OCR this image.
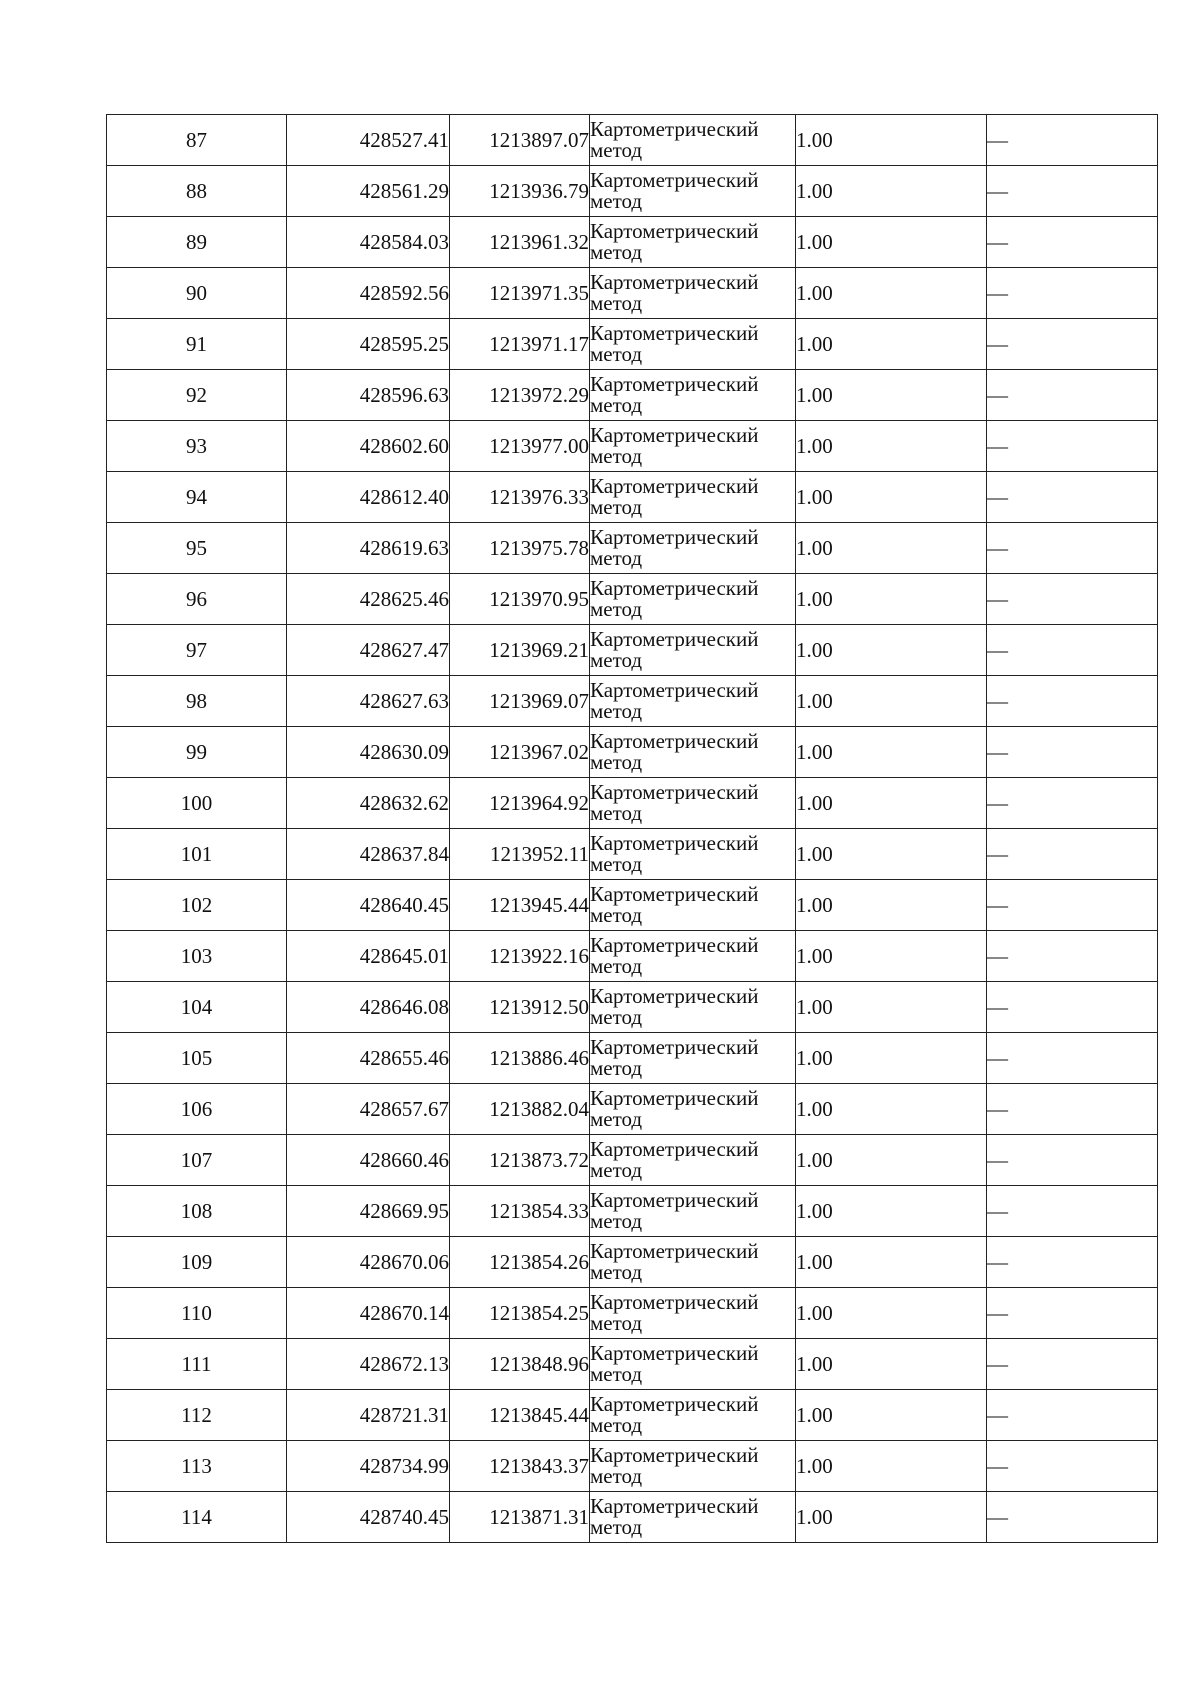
87	428527.41	1213897.07	Картометрический
метод	1.00	—
88	428561.29	1213936.79	Картометрический
метод	1.00	—
89	428584.03	1213961.32	Картометрический
метод	1.00	—
90	428592.56	1213971.35	Картометрический
метод	1.00	—
91	428595.25	1213971.17	Картометрический
метод	1.00	—
92	428596.63	1213972.29	Картометрический
метод	1.00	—
93	428602.60	1213977.00	Картометрический
метод	1.00	—
94	428612.40	1213976.33	Картометрический
метод	1.00	—
95	428619.63	1213975.78	Картометрический
метод	1.00	—
96	428625.46	1213970.95	Картометрический
метод	1.00	—
97	428627.47	1213969.21	Картометрический
метод	1.00	—
98	428627.63	1213969.07	Картометрический
метод	1.00	—
99	428630.09	1213967.02	Картометрический
метод	1.00	—
100	428632.62	1213964.92	Картометрический
метод	1.00	—
101	428637.84	1213952.11	Картометрический
метод	1.00	—
102	428640.45	1213945.44	Картометрический
метод	1.00	—
103	428645.01	1213922.16	Картометрический
метод	1.00	—
104	428646.08	1213912.50	Картометрический
метод	1.00	—
105	428655.46	1213886.46	Картометрический
метод	1.00	—
106	428657.67	1213882.04	Картометрический
метод	1.00	—
107	428660.46	1213873.72	Картометрический
метод	1.00	—
108	428669.95	1213854.33	Картометрический
метод	1.00	—
109	428670.06	1213854.26	Картометрический
метод	1.00	—
110	428670.14	1213854.25	Картометрический
метод	1.00	—
111	428672.13	1213848.96	Картометрический
метод	1.00	—
112	428721.31	1213845.44	Картометрический
метод	1.00	—
113	428734.99	1213843.37	Картометрический
метод	1.00	—
114	428740.45	1213871.31	Картометрический
метод	1.00	—
